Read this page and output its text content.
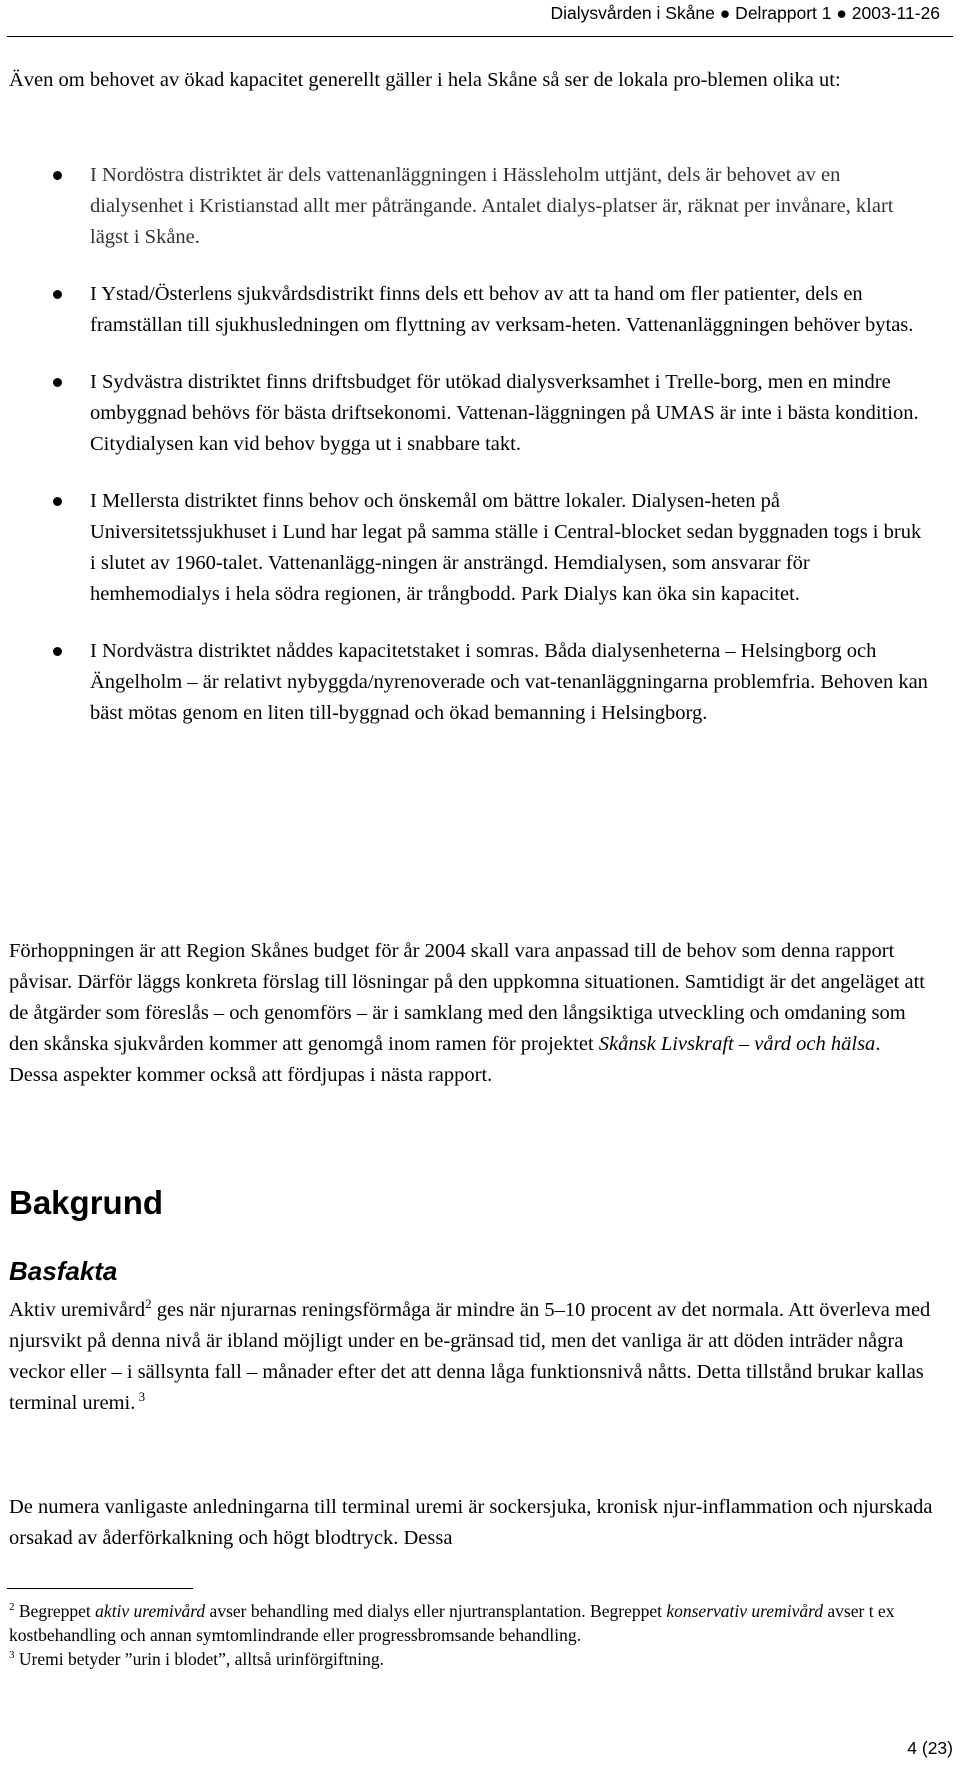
Dialysvården i Skåne ● Delrapport 1 ● 2003-11-26

Även om behovet av ökad kapacitet generellt gäller i hela Skåne så ser de lokala pro-blemen olika ut:

I Nordöstra distriktet är dels vattenanläggningen i Hässleholm uttjänt, dels är behovet av en dialysenhet i Kristianstad allt mer påträngande. Antalet dialys-platser är, räknat per invånare, klart lägst i Skåne.
I Ystad/Österlens sjukvårdsdistrikt finns dels ett behov av att ta hand om fler patienter, dels en framställan till sjukhusledningen om flyttning av verksam-heten. Vattenanläggningen behöver bytas.
I Sydvästra distriktet finns driftsbudget för utökad dialysverksamhet i Trelle-borg, men en mindre ombyggnad behövs för bästa driftsekonomi. Vattenan-läggningen på UMAS är inte i bästa kondition. Citydialysen kan vid behov bygga ut i snabbare takt.
I Mellersta distriktet finns behov och önskemål om bättre lokaler. Dialysen-heten på Universitetssjukhuset i Lund har legat på samma ställe i Central-blocket sedan byggnaden togs i bruk i slutet av 1960-talet. Vattenanlägg-ningen är ansträngd. Hemdialysen, som ansvarar för hemhemodialys i hela södra regionen, är trångbodd. Park Dialys kan öka sin kapacitet.
I Nordvästra distriktet nåddes kapacitetstaket i somras. Båda dialysenheterna – Helsingborg och Ängelholm – är relativt nybyggda/nyrenoverade och vat-tenanläggningarna problemfria. Behoven kan bäst mötas genom en liten till-byggnad och ökad bemanning i Helsingborg.

Förhoppningen är att Region Skånes budget för år 2004 skall vara anpassad till de behov som denna rapport påvisar. Därför läggs konkreta förslag till lösningar på den uppkomna situationen. Samtidigt är det angeläget att de åtgärder som föreslås – och genomförs – är i samklang med den långsiktiga utveckling och omdaning som den skånska sjukvården kommer att genomgå inom ramen för projektet Skånsk Livskraft – vård och hälsa. Dessa aspekter kommer också att fördjupas i nästa rapport.

Bakgrund
Basfakta

Aktiv uremivård$^2$ ges när njurarnas reningsförmåga är mindre än 5–10 procent av det normala. Att överleva med njursvikt på denna nivå är ibland möjligt under en be-gränsad tid, men det vanliga är att döden inträder några veckor eller – i sällsynta fall – månader efter det att denna låga funktionsnivå nåtts. Detta tillstånd brukar kallas terminal uremi. $^3$

De numera vanligaste anledningarna till terminal uremi är sockersjuka, kronisk njur-inflammation och njurskada orsakad av åderförkalkning och högt blodtryck. Dessa

$^2$ Begreppet aktiv uremivård avser behandling med dialys eller njurtransplantation. Begreppet konservativ uremivård avser t ex kostbehandling och annan symtomlindrande eller progressbromsande behandling.

$^3$ Uremi betyder ”urin i blodet”, alltså urinförgiftning.

4 (23)
